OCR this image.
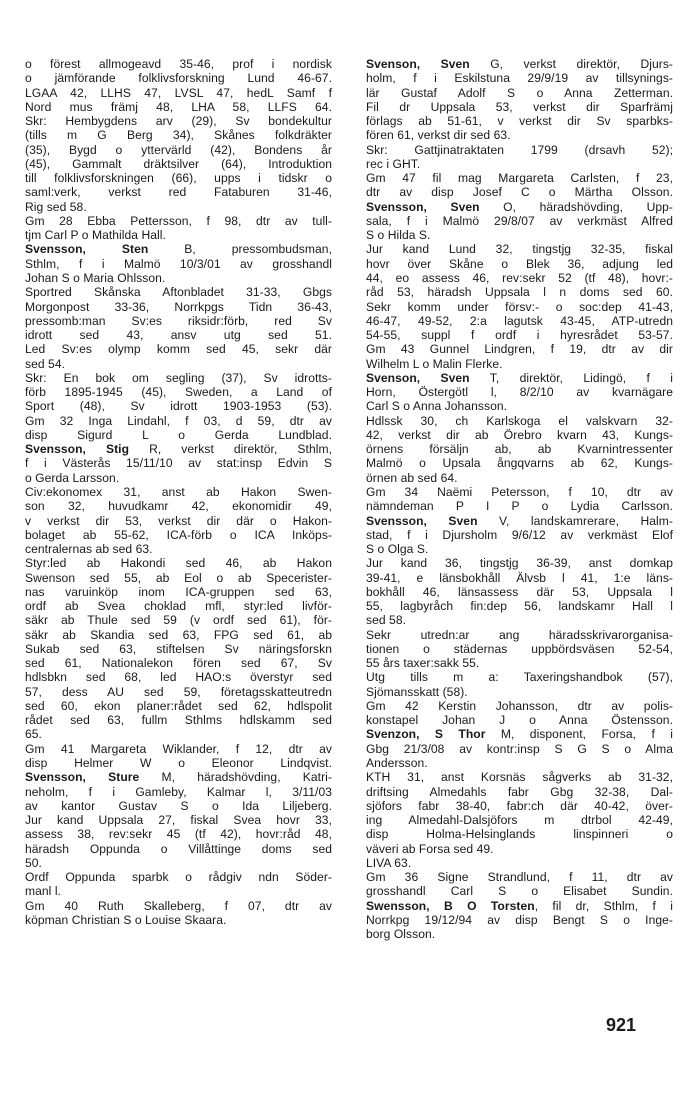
o förest allmogeavd 35-46, prof i nordisk
o jämförande folklivsforskning Lund 46-67.
LGAA 42, LLHS 47, LVSL 47, hedL Samf f
Nord mus främj 48, LHA 58, LLFS 64.
Skr: Hembygdens arv (29), Sv bondekultur
(tills m G Berg 34), Skånes folkdräkter
(35), Bygd o yttervärld (42), Bondens år
(45), Gammalt dräktsilver (64), Introduktion
till folklivsforskningen (66), upps i tidskr o
saml:verk, verkst red Fataburen 31-46,
Rig sed 58.
Gm 28 Ebba Pettersson, f 98, dtr av tull-
tjm Carl P o Mathilda Hall.
Svensson, Sten B, pressombudsman,
Sthlm, f i Malmö 10/3/01 av grosshandl
Johan S o Maria Ohlsson.
Sportred Skånska Aftonbladet 31-33, Gbgs
Morgonpost 33-36, Norrkpgs Tidn 36-43,
pressomb:man Sv:es riksidr:förb, red Sv
idrott sed 43, ansv utg sed 51.
Led Sv:es olymp komm sed 45, sekr där
sed 54.
Skr: En bok om segling (37), Sv idrotts-
förb 1895-1945 (45), Sweden, a Land of
Sport (48), Sv idrott 1903-1953 (53).
Gm 32 Inga Lindahl, f 03, d 59, dtr av
disp Sigurd L o Gerda Lundblad.
Svensson, Stig R, verkst direktör, Sthlm,
f i Västerås 15/11/10 av stat:insp Edvin S
o Gerda Larsson.
Civ:ekonomex 31, anst ab Hakon Swen-
son 32, huvudkamr 42, ekonomidir 49,
v verkst dir 53, verkst dir där o Hakon-
bolaget ab 55-62, ICA-förb o ICA Inköps-
centralernas ab sed 63.
Styr:led ab Hakondi sed 46, ab Hakon
Swenson sed 55, ab Eol o ab Specerister-
nas varuinköp inom ICA-gruppen sed 63,
ordf ab Svea choklad mfl, styr:led livför-
säkr ab Thule sed 59 (v ordf sed 61), för-
säkr ab Skandia sed 63, FPG sed 61, ab
Sukab sed 63, stiftelsen Sv näringsforskn
sed 61, Nationalekon fören sed 67, Sv
hdlsbkn sed 68, led HAO:s överstyr sed
57, dess AU sed 59, företagsskatteutredn
sed 60, ekon planer:rådet sed 62, hdlspolit
rådet sed 63, fullm Sthlms hdlskamm sed
65.
Gm 41 Margareta Wiklander, f 12, dtr av
disp Helmer W o Eleonor Lindqvist.
Svensson, Sture M, häradshövding, Katri-
neholm, f i Gamleby, Kalmar l, 3/11/03
av kantor Gustav S o Ida Liljeberg.
Jur kand Uppsala 27, fiskal Svea hovr 33,
assess 38, rev:sekr 45 (tf 42), hovr:råd 48,
häradsh Oppunda o Villåttinge doms sed
50.
Ordf Oppunda sparbk o rådgiv ndn Söder-
manl l.
Gm 40 Ruth Skalleberg, f 07, dtr av
köpman Christian S o Louise Skaara.
Svenson, Sven G, verkst direktör, Djurs-
holm, f i Eskilstuna 29/9/19 av tillsynings-
lär Gustaf Adolf S o Anna Zetterman.
Fil dr Uppsala 53, verkst dir Sparfrämj
förlags ab 51-61, v verkst dir Sv sparbks-
fören 61, verkst dir sed 63.
Skr: Gattjinatraktaten 1799 (drsavh 52);
rec i GHT.
Gm 47 fil mag Margareta Carlsten, f 23,
dtr av disp Josef C o Märtha Olsson.
Svensson, Sven O, häradshövding, Upp-
sala, f i Malmö 29/8/07 av verkmäst Alfred
S o Hilda S.
Jur kand Lund 32, tingstjg 32-35, fiskal
hovr över Skåne o Blek 36, adjung led
44, eo assess 46, rev:sekr 52 (tf 48), hovr:-
råd 53, häradsh Uppsala l n doms sed 60.
Sekr komm under försv:- o soc:dep 41-43,
46-47, 49-52, 2:a lagutsk 43-45, ATP-utredn
54-55, suppl f ordf i hyresrådet 53-57.
Gm 43 Gunnel Lindgren, f 19, dtr av dir
Wilhelm L o Malin Flerke.
Svenson, Sven T, direktör, Lidingö, f i
Horn, Östergötl l, 8/2/10 av kvarnägare
Carl S o Anna Johansson.
Hdlssk 30, ch Karlskoga el valskvarn 32-
42, verkst dir ab Örebro kvarn 43, Kungs-
örnens försäljn ab, ab Kvarnintressenter
Malmö o Upsala ångqvarns ab 62, Kungs-
örnen ab sed 64.
Gm 34 Naëmi Petersson, f 10, dtr av
nämndeman P I P o Lydia Carlsson.
Svensson, Sven V, landskamrerare, Halm-
stad, f i Djursholm 9/6/12 av verkmäst Elof
S o Olga S.
Jur kand 36, tingstjg 36-39, anst domkap
39-41, e länsbokhåll Älvsb l 41, 1:e läns-
bokhåll 46, länsassess där 53, Uppsala l
55, lagbyråch fin:dep 56, landskamr Hall l
sed 58.
Sekr utredn:ar ang häradsskrivarorganisa-
tionen o städernas uppbördsväsen 52-54,
55 års taxer:sakk 55.
Utg tills m a: Taxeringshandbok (57),
Sjömansskatt (58).
Gm 42 Kerstin Johansson, dtr av polis-
konstapel Johan J o Anna Östensson.
Svenzon, S Thor M, disponent, Forsa, f i
Gbg 21/3/08 av kontr:insp S G S o Alma
Andersson.
KTH 31, anst Korsnäs sågverks ab 31-32,
driftsing Almedahls fabr Gbg 32-38, Dal-
sjöfors fabr 38-40, fabr:ch där 40-42, över-
ing Almedahl-Dalsjöfors m dtrbol 42-49,
disp Holma-Helsinglands linspinneri o
väveri ab Forsa sed 49.
LIVA 63.
Gm 36 Signe Strandlund, f 11, dtr av
grosshandl Carl S o Elisabet Sundin.
Swensson, B O Torsten, fil dr, Sthlm, f i
Norrkpg 19/12/94 av disp Bengt S o Inge-
borg Olsson.
921
